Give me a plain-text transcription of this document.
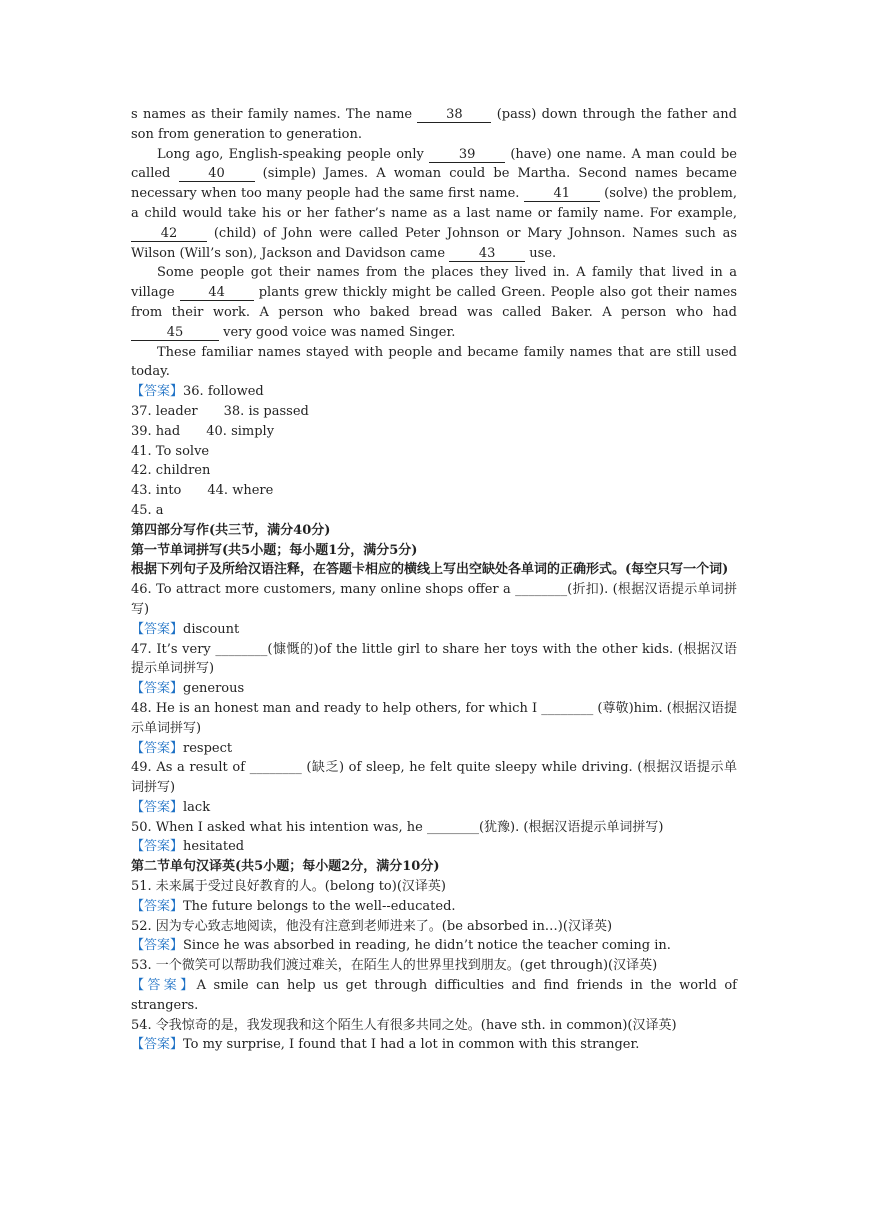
s names as their family names. The name 38 (pass) down through the father and son from generation to generation.

Long ago, English-speaking people only 39 (have) one name. A man could be called 40 (simple) James. A woman could be Martha. Second names became necessary when too many people had the same first name. 41 (solve) the problem, a child would take his or her father’s name as a last name or family name. For example, 42 (child) of John were called Peter Johnson or Mary Johnson. Names such as Wilson (Will’s son), Jackson and Davidson came 43 use.

Some people got their names from the places they lived in. A family that lived in a village 44 plants grew thickly might be called Green. People also got their names from their work. A person who baked bread was called Baker. A person who had 45	very good voice was named Singer.

These familiar names stayed with people and became family names that are still used today.

【答案】36. followed

37. leader 38. is passed

39. had 40. simply

41. To solve

42. children

43. into 44. where

45. a

第四部分写作(共三节，满分40分)

第一节单词拼写(共5小题；每小题1分，满分5分)

根据下列句子及所给汉语注释，在答题卡相应的横线上写出空缺处各单词的正确形式。(每空只写一个词)

46. To attract more customers, many online shops offer a ________(折扣). (根据汉语提示单词拼写)

【答案】discount

47. It’s very ________(慷慨的)of the little girl to share her toys with the other kids. (根据汉语提示单词拼写)

【答案】generous

48. He is an honest man and ready to help others, for which I ________ (尊敬)him. (根据汉语提示单词拼写)

【答案】respect

49. As a result of ________ (缺乏) of sleep, he felt quite sleepy while driving. (根据汉语提示单词拼写)

【答案】lack

50. When I asked what his intention was, he ________(犹豫). (根据汉语提示单词拼写)

【答案】hesitated

第二节单句汉译英(共5小题；每小题2分，满分10分)

51. 未来属于受过良好教育的人。(belong to)(汉译英)

【答案】The future belongs to the well--educated.

52. 因为专心致志地阅读，他没有注意到老师进来了。(be absorbed in…)(汉译英)

【答案】Since he was absorbed in reading, he didn’t notice the teacher coming in.

53. 一个微笑可以帮助我们渡过难关，在陌生人的世界里找到朋友。(get through)(汉译英)

【答案】A smile can help us get through difficulties and find friends in the world of strangers.

54. 令我惊奇的是，我发现我和这个陌生人有很多共同之处。(have sth. in common)(汉译英)

【答案】To my surprise, I found that I had a lot in common with this stranger.
